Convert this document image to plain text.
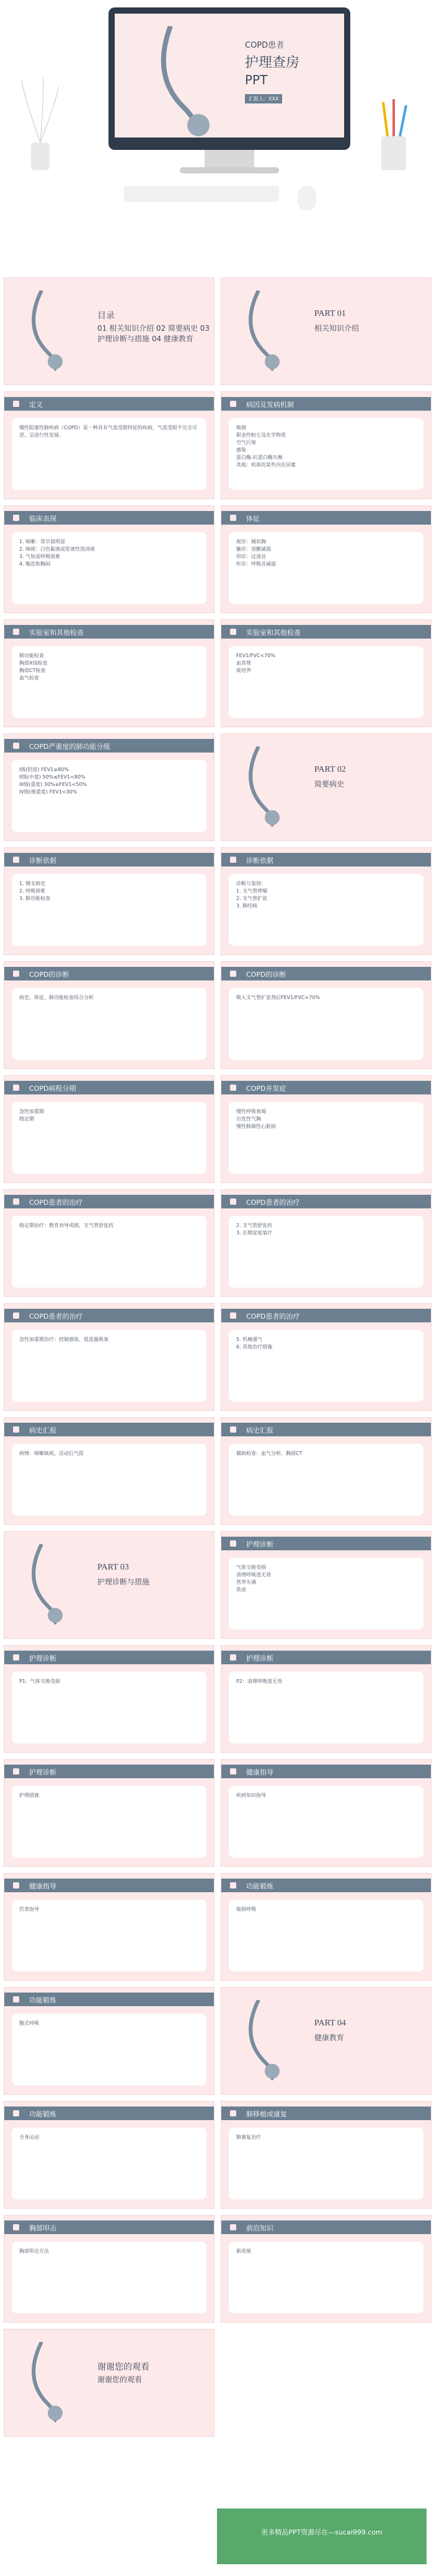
COPD患者
护理查房
PPT
汇报人：XXX
目录
01 相关知识介绍 02 简要病史 03 护理诊断与措施 04 健康教育
PART 01
相关知识介绍
定义
慢性阻塞性肺疾病（COPD）是一种具有气流受限特征的疾病，气流受限不完全可逆，呈进行性发展。
病因及发病机制
吸烟
职业性粉尘及化学物质
空气污染
感染
蛋白酶-抗蛋白酶失衡
其他：机体的某些内在因素
临床表现
1. 咳嗽：常早晨明显
2. 咳痰：白色黏液或浆液性泡沫痰
3. 气短或呼吸困难
4. 喘息和胸闷
体征
视诊：桶状胸
触诊：语颤减弱
叩诊：过清音
听诊：呼吸音减弱
实验室和其他检查
肺功能检查
胸部X线检查
胸部CT检查
血气检查
实验室和其他检查
FEV1/FVC<70%
血常规
痰培养
COPD严重度的肺功能分级
I级(轻度) FEV1≥80%
II级(中度) 50%≤FEV1<80%
III级(重度) 30%≤FEV1<50%
IV级(极重度) FEV1<30%
PART 02
简要病史
诊断依据
1. 慢支病史
2. 呼吸困难
3. 肺功能检查
诊断依据
诊断与鉴别：
1. 支气管哮喘
2. 支气管扩张
3. 肺结核
COPD的诊断
病史、体征、肺功能检查综合分析
COPD的诊断
吸入支气管扩张剂后FEV1/FVC<70%
COPD病程分期
急性加重期
稳定期
COPD并发症
慢性呼吸衰竭
自发性气胸
慢性肺源性心脏病
COPD患者的治疗
稳定期治疗：教育劝导戒烟，支气管舒张药
COPD患者的治疗
2. 支气管舒张药
3. 长期家庭氧疗
COPD患者的治疗
急性加重期治疗：控制感染，低流量吸氧
COPD患者的治疗
5. 机械通气
6. 其他治疗措施
病史汇报
病情：咳嗽咳痰，活动后气促
病史汇报
辅助检查：血气分析，胸部CT
PART 03
护理诊断与措施
护理诊断
气体交换受损
清理呼吸道无效
营养失调
焦虑
护理诊断
P1：气体交换受损
护理诊断
P2：清理呼吸道无效
护理诊断
护理措施
健康指导
疾病知识指导
健康指导
饮食指导
功能锻炼
缩唇呼吸
功能锻炼
腹式呼吸	PART 04
健康教育
功能锻炼
全身运动
肺移植或康复
肺康复治疗
胸部叩击
胸部叩击方法
前沿知识
新进展
谢谢您的观看
谢谢您的观看
更多精品PPT资源尽在—sucai999.com
